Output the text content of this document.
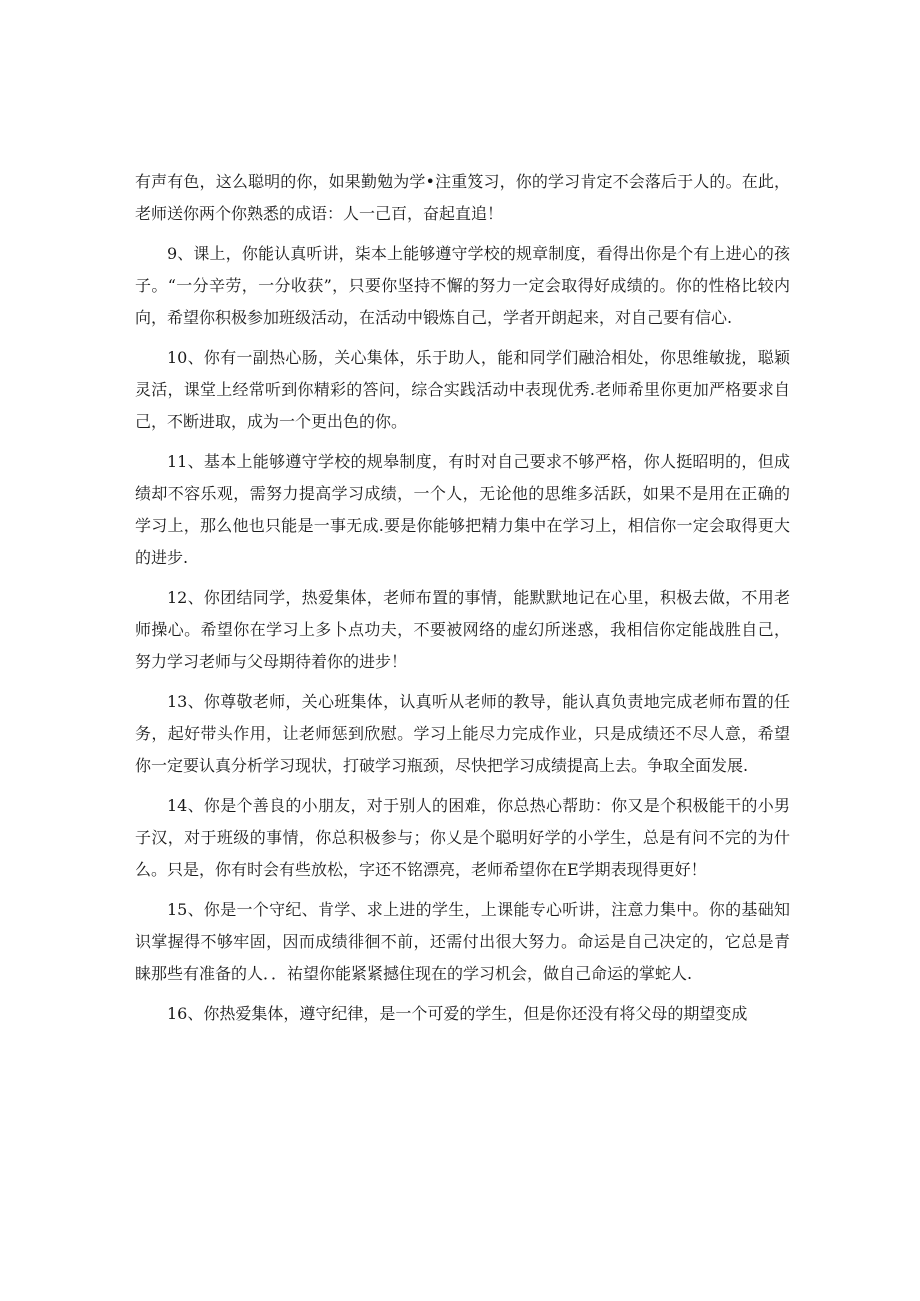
有声有色，这么聪明的你，如果勤勉为学•注重笈习，你的学习肯定不会落后于人的。在此，老师送你两个你熟悉的成语：人一己百，奋起直追！

9、课上，你能认真听讲，柒本上能够遵守学校的规章制度，看得出你是个有上进心的孩子。“一分辛劳，一分收获”，只要你坚持不懈的努力一定会取得好成绩的。你的性格比较内向，希望你积极参加班级活动，在活动中锻炼自己，学者开朗起来，对自己要有信心.

10、你有一副热心肠，关心集体，乐于助人，能和同学们融洽相处，你思维敏拢，聪颖灵活，课堂上经常听到你精彩的答问，综合实践活动中表现优秀.老师希里你更加严格要求自己，不断进取，成为一个更出色的你。

11、基本上能够遵守学校的规皋制度，有时对自己要求不够严格，你人挺昭明的，但成绩却不容乐观，需努力提高学习成绩，一个人，无论他的思维多活跃，如果不是用在正确的学习上，那么他也只能是一事无成.要是你能够把精力集中在学习上，相信你一定会取得更大的进步.

12、你团结同学，热爱集体，老师布置的事情，能默默地记在心里，积极去做，不用老师操心。希望你在学习上多卜点功夫，不要被网络的虚幻所迷惑，我相信你定能战胜自己，努力学习老师与父母期待着你的进步！

13、你尊敬老师，关心班集体，认真听从老师的教导，能认真负责地完成老师布置的任务，起好带头作用，让老师惩到欣慰。学习上能尽力完成作业，只是成绩还不尽人意，希望你一定要认真分析学习现状，打破学习瓶颈，尽快把学习成绩提高上去。争取全面发展.

14、你是个善良的小朋友，对于别人的困难，你总热心帮助：你又是个积极能干的小男子汉，对于班级的事情，你总积极参与；你乂是个聪明好学的小学生，总是有问不完的为什么。只是，你有时会有些放松，字还不铭漂亮，老师希望你在E学期表现得更好！

15、你是一个守纪、肯学、求上进的学生，上课能专心听讲，注意力集中。你的基础知识掌握得不够牢固，因而成绩徘徊不前，还需付出很大努力。命运是自己决定的，它总是青睐那些有准备的人．．祐望你能紧紧撼住现在的学习机会，做自己命运的掌蛇人.

16、你热爱集体，遵守纪律，是一个可爱的学生，但是你还没有将父母的期望变成
